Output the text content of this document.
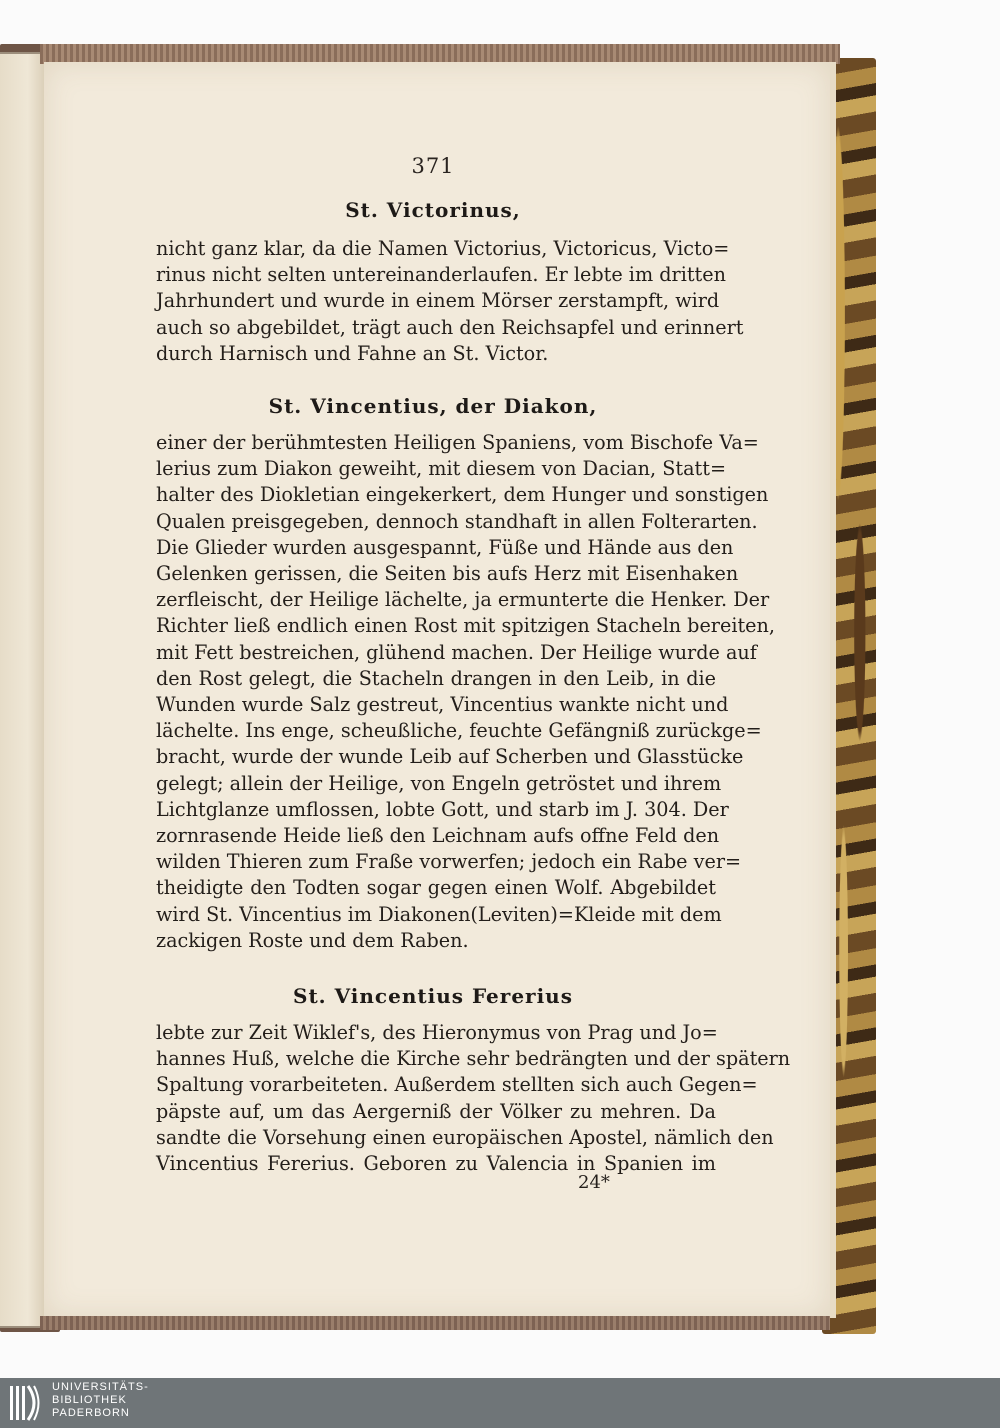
371
St. Victorinus,
nicht ganz klar, da die Namen Victorius, Victoricus, Victo=
rinus nicht selten untereinanderlaufen. Er lebte im dritten
Jahrhundert und wurde in einem Mörser zerstampft, wird
auch so abgebildet, trägt auch den Reichsapfel und erinnert
durch Harnisch und Fahne an St. Victor.
St. Vincentius, der Diakon,
einer der berühmtesten Heiligen Spaniens, vom Bischofe Va=
lerius zum Diakon geweiht, mit diesem von Dacian, Statt=
halter des Diokletian eingekerkert, dem Hunger und sonstigen
Qualen preisgegeben, dennoch standhaft in allen Folterarten.
Die Glieder wurden ausgespannt, Füße und Hände aus den
Gelenken gerissen, die Seiten bis aufs Herz mit Eisenhaken
zerfleischt, der Heilige lächelte, ja ermunterte die Henker. Der
Richter ließ endlich einen Rost mit spitzigen Stacheln bereiten,
mit Fett bestreichen, glühend machen. Der Heilige wurde auf
den Rost gelegt, die Stacheln drangen in den Leib, in die
Wunden wurde Salz gestreut, Vincentius wankte nicht und
lächelte. Ins enge, scheußliche, feuchte Gefängniß zurückge=
bracht, wurde der wunde Leib auf Scherben und Glasstücke
gelegt; allein der Heilige, von Engeln getröstet und ihrem
Lichtglanze umflossen, lobte Gott, und starb im J. 304. Der
zornrasende Heide ließ den Leichnam aufs offne Feld den
wilden Thieren zum Fraße vorwerfen; jedoch ein Rabe ver=
theidigte den Todten sogar gegen einen Wolf. Abgebildet
wird St. Vincentius im Diakonen(Leviten)=Kleide mit dem
zackigen Roste und dem Raben.
St. Vincentius Fererius
lebte zur Zeit Wiklef's, des Hieronymus von Prag und Jo=
hannes Huß, welche die Kirche sehr bedrängten und der spätern
Spaltung vorarbeiteten. Außerdem stellten sich auch Gegen=
päpste auf, um das Aergerniß der Völker zu mehren. Da
sandte die Vorsehung einen europäischen Apostel, nämlich den
Vincentius Fererius. Geboren zu Valencia in Spanien im
24*
UNIVERSITÄTS-
BIBLIOTHEK
PADERBORN
